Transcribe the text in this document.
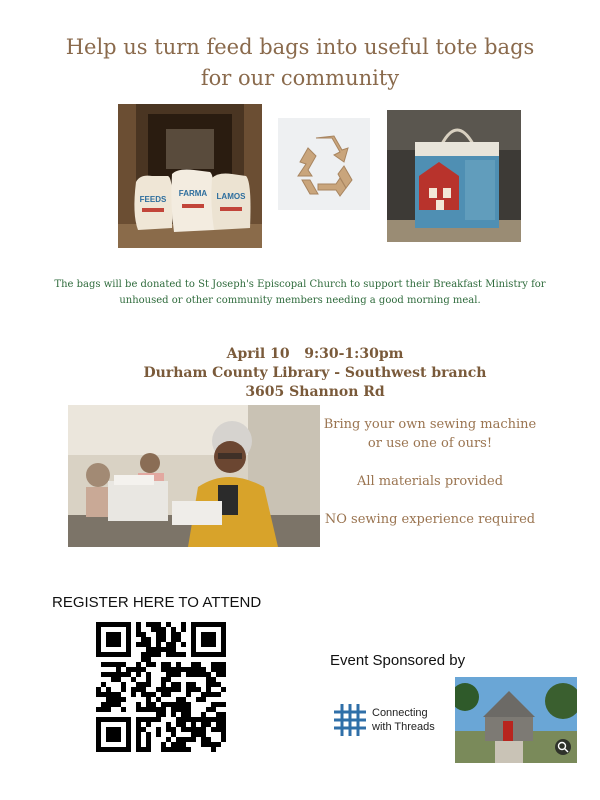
Help us turn feed bags into useful tote bags
for our community
FEEDS
FARMA LAMOS
The bags will be donated to St Joseph's Episcopal Church to support their Breakfast Ministry for
unhoused or other community members needing a good morning meal.
April 10   9:30-1:30pm
Durham County Library - Southwest branch
3605 Shannon Rd
Bring your own sewing machine
or use one of ours!
All materials provided
NO sewing experience required
REGISTER HERE TO ATTEND
Event Sponsored by
Connecting
with Threads
